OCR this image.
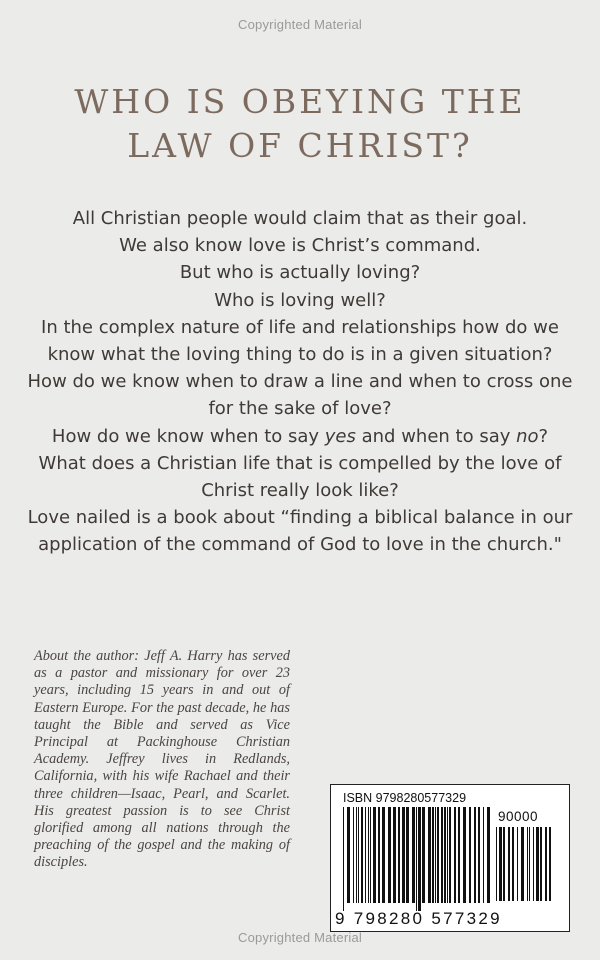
Copyrighted Material
WHO IS OBEYING THE
LAW OF CHRIST?
All Christian people would claim that as their goal.
We also know love is Christ’s command.
But who is actually loving?
Who is loving well?
In the complex nature of life and relationships how do we
know what the loving thing to do is in a given situation?
How do we know when to draw a line and when to cross one
for the sake of love?
How do we know when to say yes and when to say no?
What does a Christian life that is compelled by the love of
Christ really look like?
Love nailed is a book about “finding a biblical balance in our
application of the command of God to love in the church."
About the author: Jeff A. Harry has served as a pastor and missionary for over 23 years, including 15 years in and out of Eastern Europe. For the past decade, he has taught the Bible and served as Vice Principal at Packinghouse Christian Academy. Jeffrey lives in Redlands, California, with his wife Rachael and their three children—Isaac, Pearl, and Scarlet. His greatest passion is to see Christ glorified among all nations through the preaching of the gospel and the making of disciples.
ISBN 9798280577329
90000
9 798280 577329
Copyrighted Material
